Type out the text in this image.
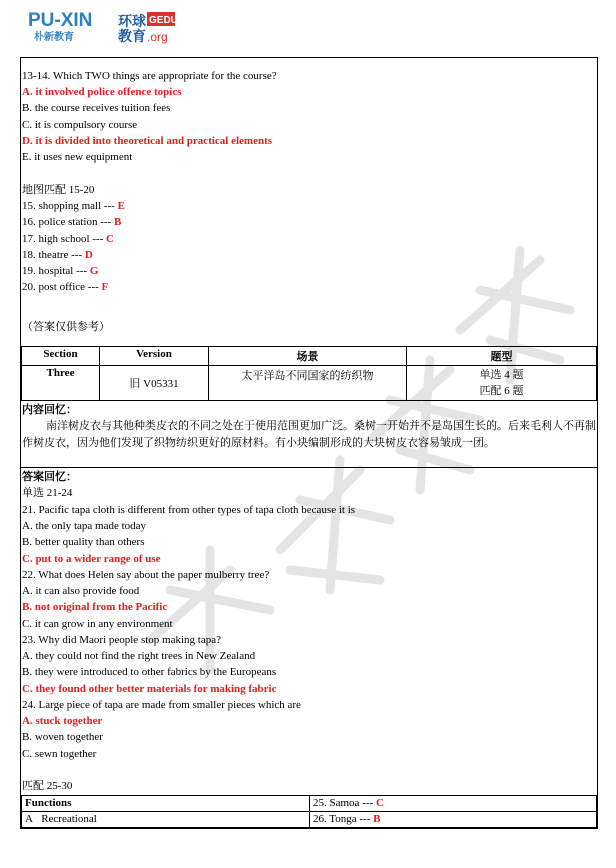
PU-XIN
朴新教育
环球 GEDU
教育 .org
13-14. Which TWO things are appropriate for the course?
A. it involved police offence topics
B. the course receives tuition fees
C. it is compulsory course
D. it is divided into theoretical and practical elements
E. it uses new equipment
地图匹配 15-20
15. shopping mall --- E
16. police station --- B
17. high school --- C
18. theatre --- D
19. hospital --- G
20. post office --- F
（答案仅供参考）
Section	Version	场景	题型
Three	旧 V05331	太平洋岛不同国家的纺织物	单选 4 题
匹配 6 题
内容回忆：
南洋树皮衣与其他种类皮衣的不同之处在于使用范围更加广泛。桑树一开始并不是岛国生长的。后来毛利人不再制作树皮衣，因为他们发现了织物纺织更好的原材料。有小块编制形成的大块树皮衣容易皱成一团。
答案回忆：
单选 21-24
21. Pacific tapa cloth is different from other types of tapa cloth because it is
A. the only tapa made today
B. better quality than others
C. put to a wider range of use
22. What does Helen say about the paper mulberry tree?
A. it can also provide food
B. not original from the Pacific
C. it can grow in any environment
23. Why did Maori people stop making tapa?
A. they could not find the right trees in New Zealand
B. they were introduced to other fabrics by the Europeans
C. they found other better materials for making fabric
24. Large piece of tapa are made from smaller pieces which are
A. stuck together
B. woven together
C. sewn together
匹配 25-30
Functions	25. Samoa --- C
A Recreational	26. Tonga --- B
